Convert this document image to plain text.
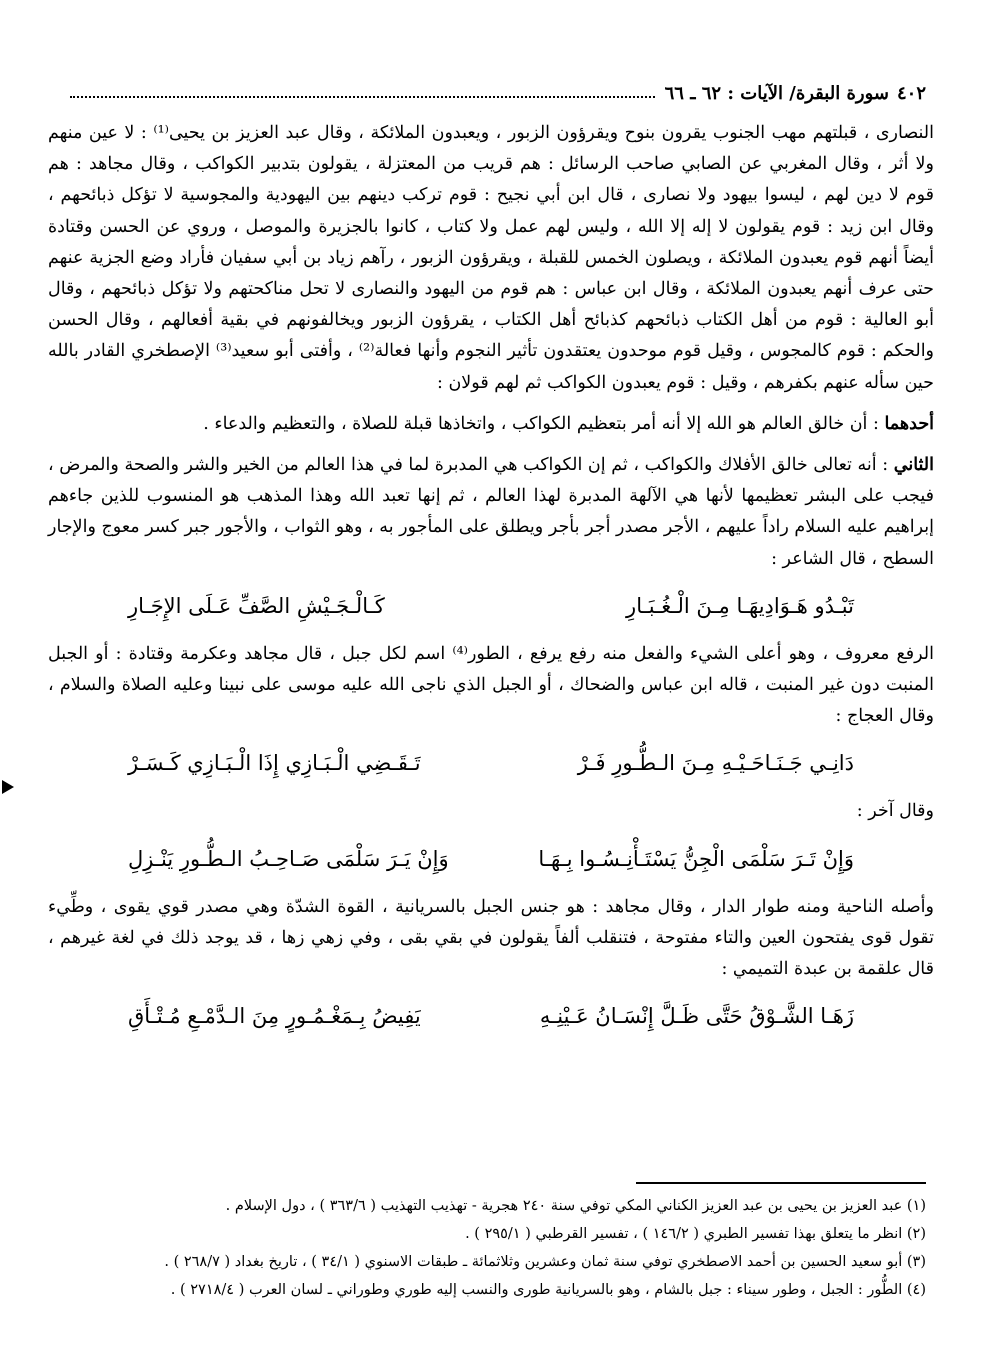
٤٠٢
سورة البقرة/ الآيات : ٦٢ ـ ٦٦

النصارى ، قبلتهم مهب الجنوب يقرون بنوح ويقرؤون الزبور ، ويعبدون الملائكة ، وقال عبد العزيز بن يحيى⁽¹⁾ : لا عين منهم ولا أثر ، وقال المغربي عن الصابي صاحب الرسائل : هم قريب من المعتزلة ، يقولون بتدبير الكواكب ، وقال مجاهد : هم قوم لا دين لهم ، ليسوا بيهود ولا نصارى ، قال ابن أبي نجيح : قوم تركب دينهم بين اليهودية والمجوسية لا تؤكل ذبائحهم ، وقال ابن زيد : قوم يقولون لا إله إلا الله ، وليس لهم عمل ولا كتاب ، كانوا بالجزيرة والموصل ، وروي عن الحسن وقتادة أيضاً أنهم قوم يعبدون الملائكة ، ويصلون الخمس للقبلة ، ويقرؤون الزبور ، رآهم زياد بن أبي سفيان فأراد وضع الجزية عنهم حتى عرف أنهم يعبدون الملائكة ، وقال ابن عباس : هم قوم من اليهود والنصارى لا تحل مناكحتهم ولا تؤكل ذبائحهم ، وقال أبو العالية : قوم من أهل الكتاب ذبائحهم كذبائح أهل الكتاب ، يقرؤون الزبور ويخالفونهم في بقية أفعالهم ، وقال الحسن والحكم : قوم كالمجوس ، وقيل قوم موحدون يعتقدون تأثير النجوم وأنها فعالة⁽²⁾ ، وأفتى أبو سعيد⁽³⁾ الإصطخري القادر بالله حين سأله عنهم بكفرهم ، وقيل : قوم يعبدون الكواكب ثم لهم قولان :

أحدهما : أن خالق العالم هو الله إلا أنه أمر بتعظيم الكواكب ، واتخاذها قبلة للصلاة ، والتعظيم والدعاء .

الثاني : أنه تعالى خالق الأفلاك والكواكب ، ثم إن الكواكب هي المدبرة لما في هذا العالم من الخير والشر والصحة والمرض ، فيجب على البشر تعظيمها لأنها هي الآلهة المدبرة لهذا العالم ، ثم إنها تعبد الله وهذا المذهب هو المنسوب للذين جاءهم إبراهيم عليه السلام راداً عليهم ، الأجر مصدر أجر بأجر ويطلق على المأجور به ، وهو الثواب ، والأجور جبر كسر معوج والإجار السطح ، قال الشاعر :

تَبْـدُو هَـوَادِيهَـا مِـنَ الْـغُـبَـارِ
كَـالْـجَـيْشِ الصَّفِّ عَـلَى الإِجَـارِ

الرفع معروف ، وهو أعلى الشيء والفعل منه رفع يرفع ، الطور⁽⁴⁾ اسم لكل جبل ، قال مجاهد وعكرمة وقتادة : أو الجبل المنبت دون غير المنبت ، قاله ابن عباس والضحاك ، أو الجبل الذي ناجى الله عليه موسى على نبينا وعليه الصلاة والسلام ، وقال العجاج :

دَانِـي جَـنَـاحَـيْـهِ مِـنَ الـطُّـورِ فَـرْ
تَـقَـضِي الْـبَـازِي إِذَا الْـبَـازِي كَـسَـرْ

وقال آخر :

وَإِنْ تَـرَ سَلْمَى الْجِنُّ يَسْتَـأْنِـسُـوا بِـهَـا
وَإِنْ يَـرَ سَلْمَى صَـاحِـبُ الـطُّـورِ يَنْـزِلِ

وأصله الناحية ومنه طوار الدار ، وقال مجاهد : هو جنس الجبل بالسريانية ، القوة الشدّة وهي مصدر قوي يقوى ، وطِّيء تقول قوى يفتحون العين والتاء مفتوحة ، فتنقلب ألفاً يقولون في بقي بقى ، وفي زهي زها ، قد يوجد ذلك في لغة غيرهم ، قال علقمة بن عبدة التميمي :

زَهَـا الشَّـوْقُ حَتَّى ظَـلَّ إِنْسَـانُ عَـيْنِـهِ
يَفِيضُ بِـمَغْـمُـورٍ مِنَ الـدَّمْـعِ مُـتْـأَقِ

(١) عبد العزيز بن يحيى بن عبد العزيز الكناني المكي توفي سنة ٢٤٠ هجرية - تهذيب التهذيب ( ٣٦٣/٦ ) ، دول الإسلام .

(٢) انظر ما يتعلق بهذا تفسير الطبري ( ١٤٦/٢ ) ، تفسير القرطبي ( ٢٩٥/١ ) .

(٣) أبو سعيد الحسين بن أحمد الاصطخري توفي سنة ثمان وعشرين وثلاثمائة ـ طبقات الاسنوي ( ٣٤/١ ) ، تاريخ بغداد ( ٢٦٨/٧ ) .

(٤) الطُّور : الجبل ، وطور سيناء : جبل بالشام ، وهو بالسريانية طورى والنسب إليه طوري وطوراني ـ لسان العرب ( ٢٧١٨/٤ ) .
